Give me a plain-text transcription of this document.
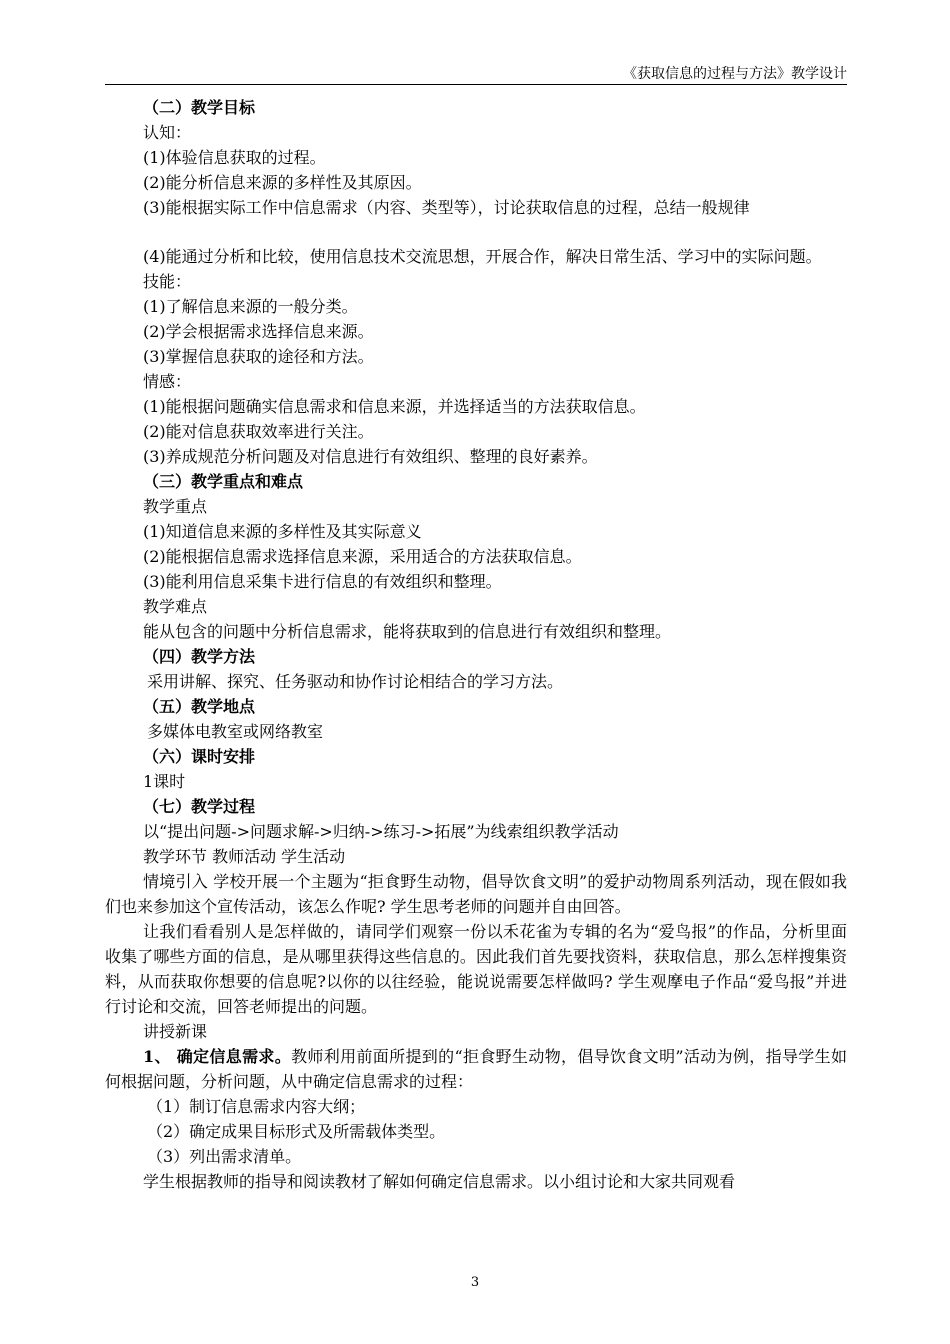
《获取信息的过程与方法》教学设计
（二）教学目标
认知：
(1)体验信息获取的过程。
(2)能分析信息来源的多样性及其原因。
(3)能根据实际工作中信息需求（内容、类型等），讨论获取信息的过程，总结一般规律
(4)能通过分析和比较，使用信息技术交流思想，开展合作，解决日常生活、学习中的实际问题。
技能：
(1)了解信息来源的一般分类。
(2)学会根据需求选择信息来源。
(3)掌握信息获取的途径和方法。
情感：
(1)能根据问题确实信息需求和信息来源，并选择适当的方法获取信息。
(2)能对信息获取效率进行关注。
(3)养成规范分析问题及对信息进行有效组织、整理的良好素养。
（三）教学重点和难点
教学重点
(1)知道信息来源的多样性及其实际意义
(2)能根据信息需求选择信息来源，采用适合的方法获取信息。
(3)能利用信息采集卡进行信息的有效组织和整理。
教学难点
能从包含的问题中分析信息需求，能将获取到的信息进行有效组织和整理。
（四）教学方法
采用讲解、探究、任务驱动和协作讨论相结合的学习方法。
（五）教学地点
多媒体电教室或网络教室
（六）课时安排
1课时
（七）教学过程
以“提出问题->问题求解->归纳->练习->拓展”为线索组织教学活动
教学环节 教师活动 学生活动
情境引入 学校开展一个主题为“拒食野生动物，倡导饮食文明”的爱护动物周系列活动，现在假如我们也来参加这个宣传活动，该怎么作呢? 学生思考老师的问题并自由回答。
让我们看看别人是怎样做的，请同学们观察一份以禾花雀为专辑的名为“爱鸟报”的作品，分析里面收集了哪些方面的信息，是从哪里获得这些信息的。因此我们首先要找资料，获取信息，那么怎样搜集资料，从而获取你想要的信息呢?以你的以往经验，能说说需要怎样做吗? 学生观摩电子作品“爱鸟报”并进行讨论和交流，回答老师提出的问题。
讲授新课
1、 确定信息需求。教师利用前面所提到的“拒食野生动物，倡导饮食文明”活动为例，指导学生如何根据问题，分析问题，从中确定信息需求的过程：
（1）制订信息需求内容大纲；
（2）确定成果目标形式及所需载体类型。
（3）列出需求清单。
学生根据教师的指导和阅读教材了解如何确定信息需求。以小组讨论和大家共同观看
3
